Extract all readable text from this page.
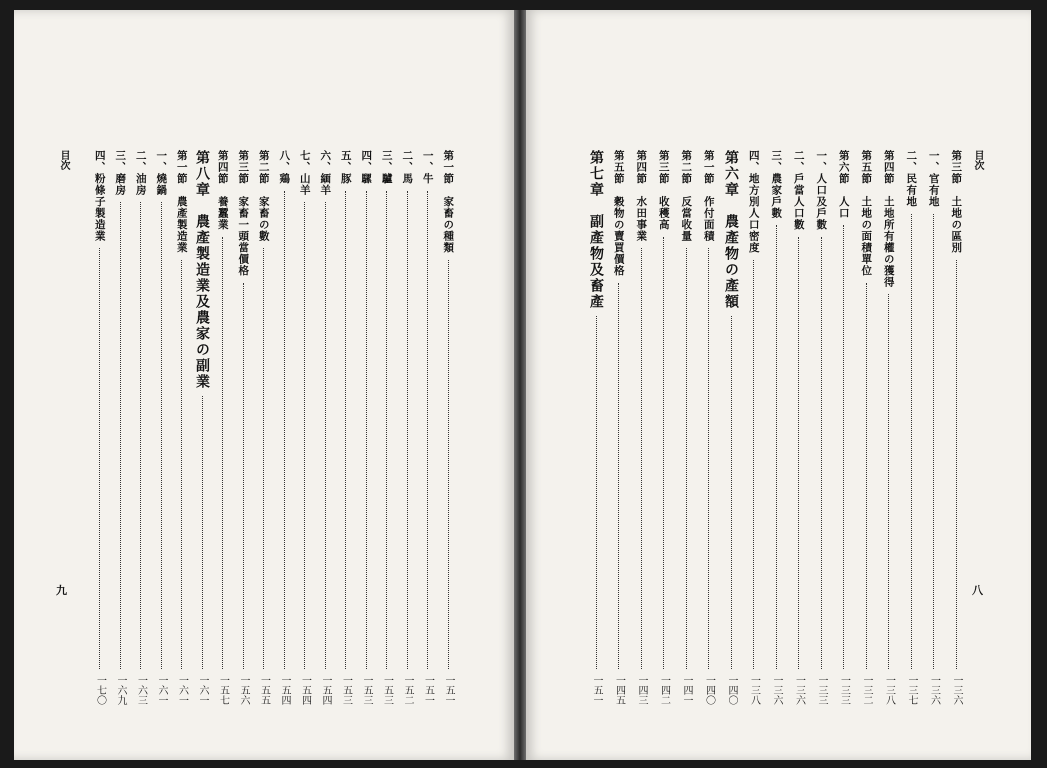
目次
九
目次
八
第一節　家畜の種類
一五一
一、牛
一五一
二、馬
一五二
三、驢
一五三
四、騾
一五三
五、豚
一五三
六、緬羊
一五四
七、山羊
一五四
八、鶏
一五四
第二節　家畜の數
一五五
第三節　家畜一頭當價格
一五六
第四節　養蠶業
一五七
第八章　農產製造業及農家の副業
一六一
第一節　農產製造業
一六一
一、燒鍋
一六一
二、油房
一六三
三、磨房
一六九
四、粉條子製造業
一七〇
第三節　土地の區別
一三六
一、官有地
一三六
二、民有地
一三七
第四節　土地所有權の獲得
一三八
第五節　土地の面積單位
一三二
第六節　人口
一三三
一、人口及戶數
一三三
二、戶當人口數
一三六
三、農家戶數
一三六
四、地方別人口密度
一三八
第六章　農產物の產額
一四〇
第一節　作付面積
一四〇
第二節　反當收量
一四一
第三節　收穫高
一四二
第四節　水田事業
一四三
第五節　穀物の賣買價格
一四五
第七章　副產物及畜產
一五一
